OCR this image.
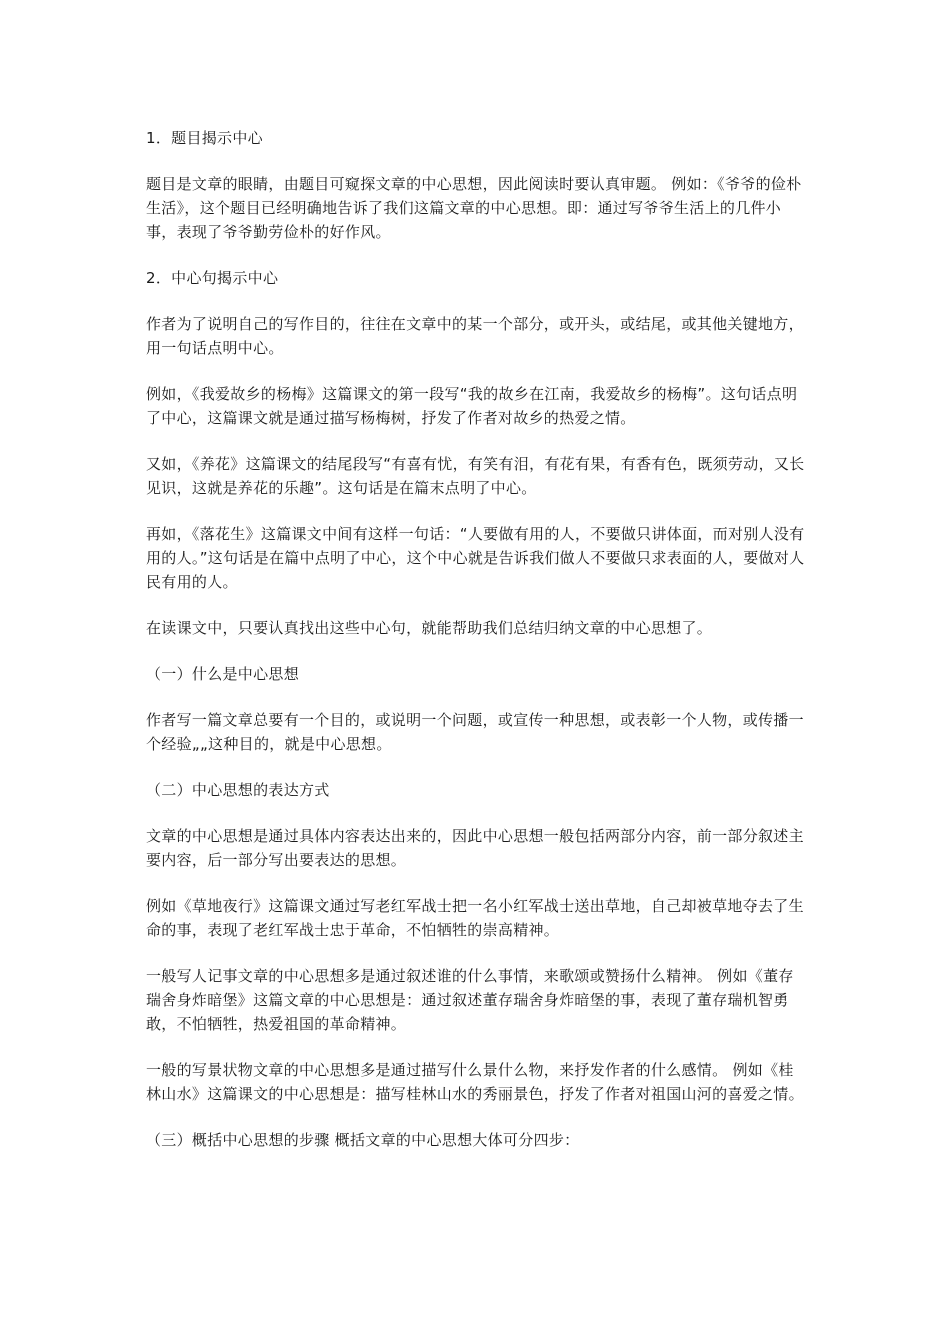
1．题目揭示中心

题目是文章的眼睛，由题目可窥探文章的中心思想，因此阅读时要认真审题。 例如：《爷爷的俭朴生活》，这个题目已经明确地告诉了我们这篇文章的中心思想。即：通过写爷爷生活上的几件小事，表现了爷爷勤劳俭朴的好作风。

2．中心句揭示中心

作者为了说明自己的写作目的，往往在文章中的某一个部分，或开头，或结尾，或其他关键地方，用一句话点明中心。

例如，《我爱故乡的杨梅》这篇课文的第一段写“我的故乡在江南，我爱故乡的杨梅”。这句话点明了中心，这篇课文就是通过描写杨梅树，抒发了作者对故乡的热爱之情。

又如，《养花》这篇课文的结尾段写“有喜有忧，有笑有泪，有花有果，有香有色，既须劳动，又长见识，这就是养花的乐趣”。这句话是在篇末点明了中心。

再如，《落花生》这篇课文中间有这样一句话：“人要做有用的人，不要做只讲体面，而对别人没有用的人。”这句话是在篇中点明了中心，这个中心就是告诉我们做人不要做只求表面的人，要做对人民有用的人。

在读课文中，只要认真找出这些中心句，就能帮助我们总结归纳文章的中心思想了。

（一）什么是中心思想

作者写一篇文章总要有一个目的，或说明一个问题，或宣传一种思想，或表彰一个人物，或传播一个经验„„这种目的，就是中心思想。

（二）中心思想的表达方式

文章的中心思想是通过具体内容表达出来的，因此中心思想一般包括两部分内容，前一部分叙述主要内容，后一部分写出要表达的思想。

例如《草地夜行》这篇课文通过写老红军战士把一名小红军战士送出草地，自己却被草地夺去了生命的事，表现了老红军战士忠于革命，不怕牺牲的崇高精神。

一般写人记事文章的中心思想多是通过叙述谁的什么事情，来歌颂或赞扬什么精神。 例如《董存瑞舍身炸暗堡》这篇文章的中心思想是：通过叙述董存瑞舍身炸暗堡的事，表现了董存瑞机智勇敢，不怕牺牲，热爱祖国的革命精神。

一般的写景状物文章的中心思想多是通过描写什么景什么物，来抒发作者的什么感情。 例如《桂林山水》这篇课文的中心思想是：描写桂林山水的秀丽景色，抒发了作者对祖国山河的喜爱之情。

（三）概括中心思想的步骤 概括文章的中心思想大体可分四步：
